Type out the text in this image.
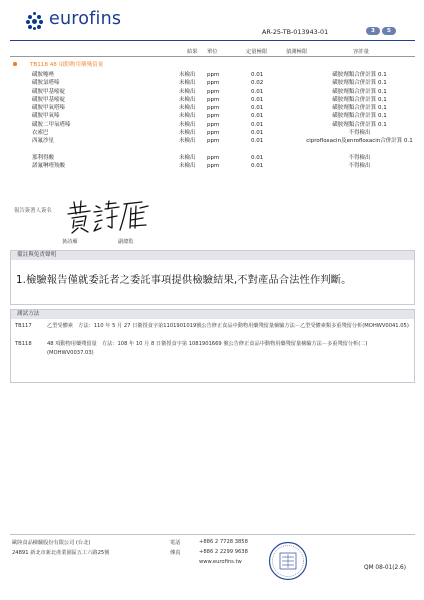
eurofins
AR-25-TB-013943-01	3 5
結果 單位	定量極限	偵測極限	容許量
TB118 48 項動物用藥殘留量
磺胺噻唑	未檢出 ppm	0.01	磺胺劑類合併計算 0.1
磺胺氯嗒嗪	未檢出 ppm	0.02	磺胺劑類合併計算 0.1
磺胺甲基嘧啶	未檢出 ppm	0.01	磺胺劑類合併計算 0.1
磺胺甲基嘧啶	未檢出 ppm	0.01	磺胺劑類合併計算 0.1
磺胺甲氧嗒嗪	未檢出 ppm	0.01	磺胺劑類合併計算 0.1
磺胺甲氧嗪	未檢出 ppm	0.01	磺胺劑類合併計算 0.1
磺胺二甲氧嗒嗪	未檢出 ppm	0.01	磺胺劑類合併計算 0.1
衣索巴	未檢出 ppm	0.01	不得檢出
西氟沙星	未檢出 ppm	0.01	ciprofloxacin及enrofloxacin合併計算 0.1
那利得酸	未檢出 ppm	0.01	不得檢出
諾氟啉喹羧酸	未檢出 ppm	0.01	不得檢出
報告簽署人簽名
黃詩雁	副總監
備註與免責聲明
1.檢驗報告僅就委託者之委託事項提供檢驗結果,不對產品合法性作判斷。
測試方法
TB117	乙型受體素　方法：110 年 5 月 27 日衛授食字第1101901019號公告修正食品中動物用藥殘留量檢驗方法－乙型受體素類多重殘留分析(MOHWV0041.05)
TB118	48 項動物用藥殘留量　方法：108 年 10 月 8 日衛授食字第 1081901669 號公告修正食品中動物用藥殘留量檢驗方法－多重殘留分析(二)(MOHWV0037.03)
歐陸食品檢驗股份有限公司 (台北)
24891 新北市新北產業園區五工六路25號
電話	+886 2 7728 3858
傳真	+886 2 2299 9638
www.eurofins.tw
QM 08-01(2.6)
